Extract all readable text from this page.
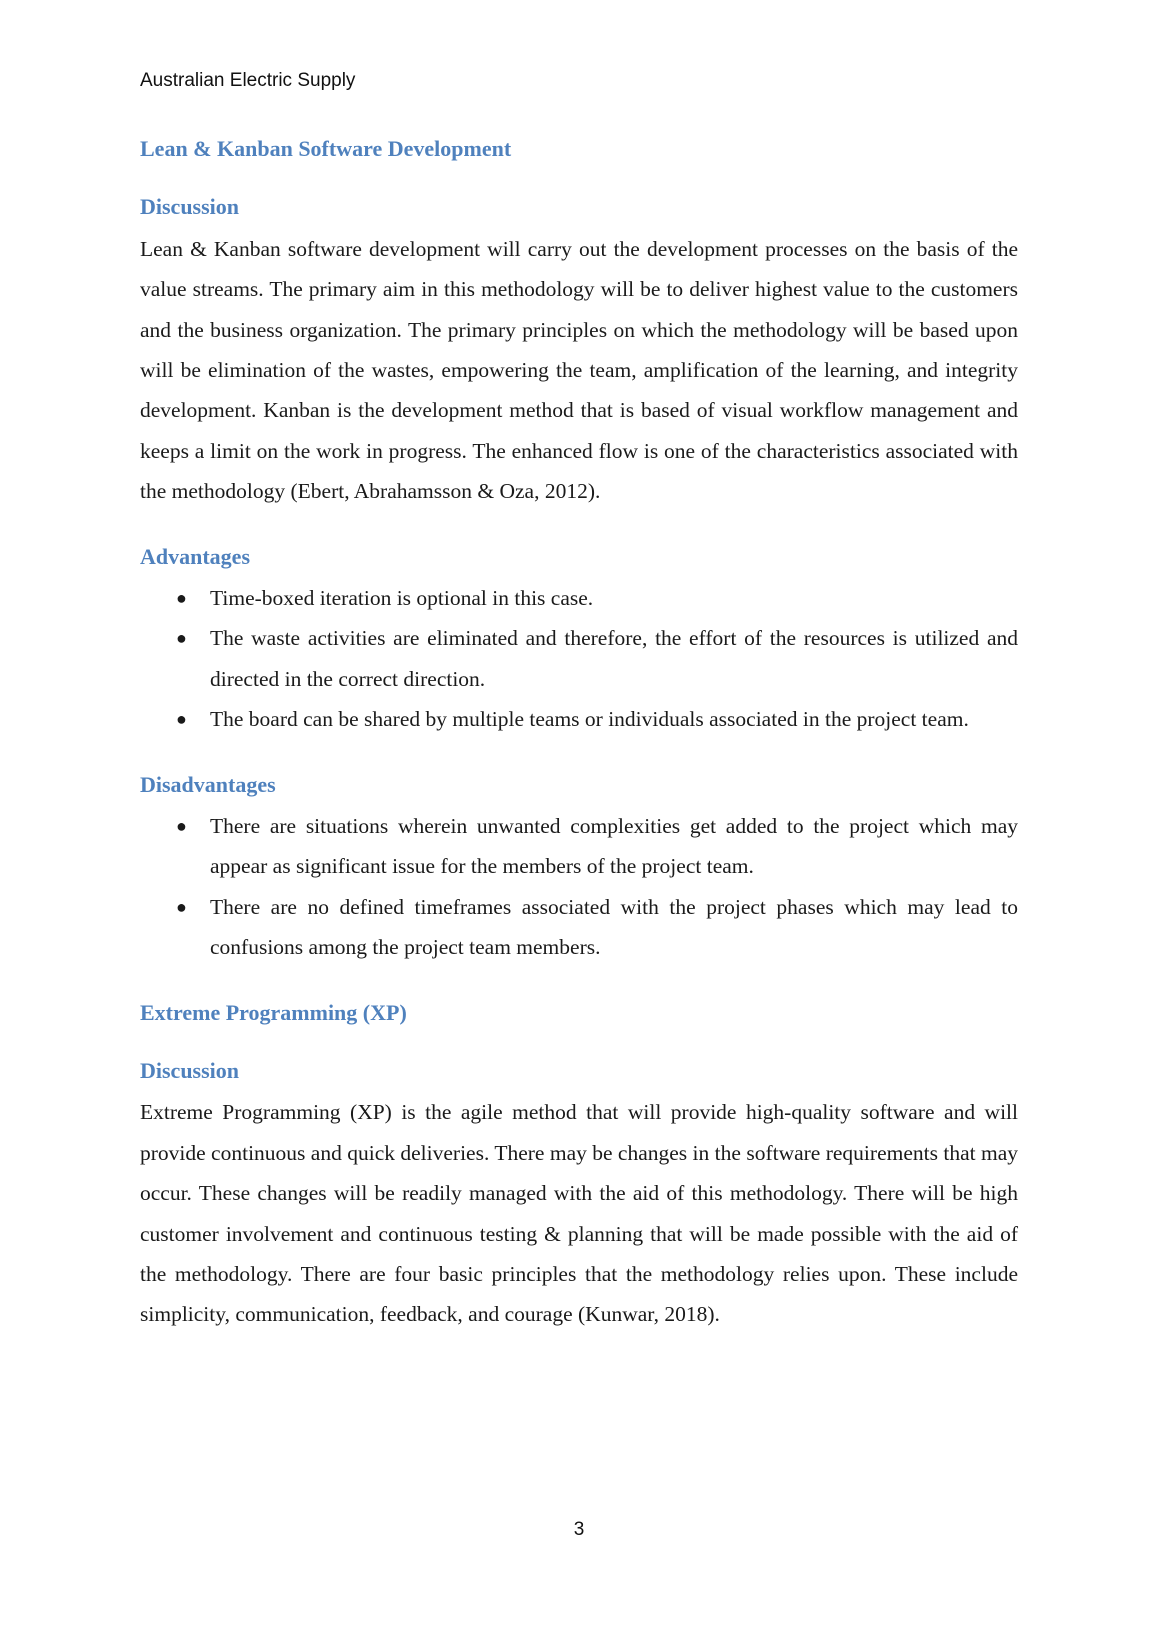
Australian Electric Supply
Lean & Kanban Software Development
Discussion

Lean & Kanban software development will carry out the development processes on the basis of the value streams. The primary aim in this methodology will be to deliver highest value to the customers and the business organization. The primary principles on which the methodology will be based upon will be elimination of the wastes, empowering the team, amplification of the learning, and integrity development. Kanban is the development method that is based of visual workflow management and keeps a limit on the work in progress. The enhanced flow is one of the characteristics associated with the methodology (Ebert, Abrahamsson & Oza, 2012).

Advantages
● Time-boxed iteration is optional in this case.
● The waste activities are eliminated and therefore, the effort of the resources is utilized and directed in the correct direction.
● The board can be shared by multiple teams or individuals associated in the project team.
Disadvantages
● There are situations wherein unwanted complexities get added to the project which may appear as significant issue for the members of the project team.
● There are no defined timeframes associated with the project phases which may lead to confusions among the project team members.
Extreme Programming (XP)
Discussion

Extreme Programming (XP) is the agile method that will provide high-quality software and will provide continuous and quick deliveries. There may be changes in the software requirements that may occur. These changes will be readily managed with the aid of this methodology. There will be high customer involvement and continuous testing & planning that will be made possible with the aid of the methodology. There are four basic principles that the methodology relies upon. These include simplicity, communication, feedback, and courage (Kunwar, 2018).

3
